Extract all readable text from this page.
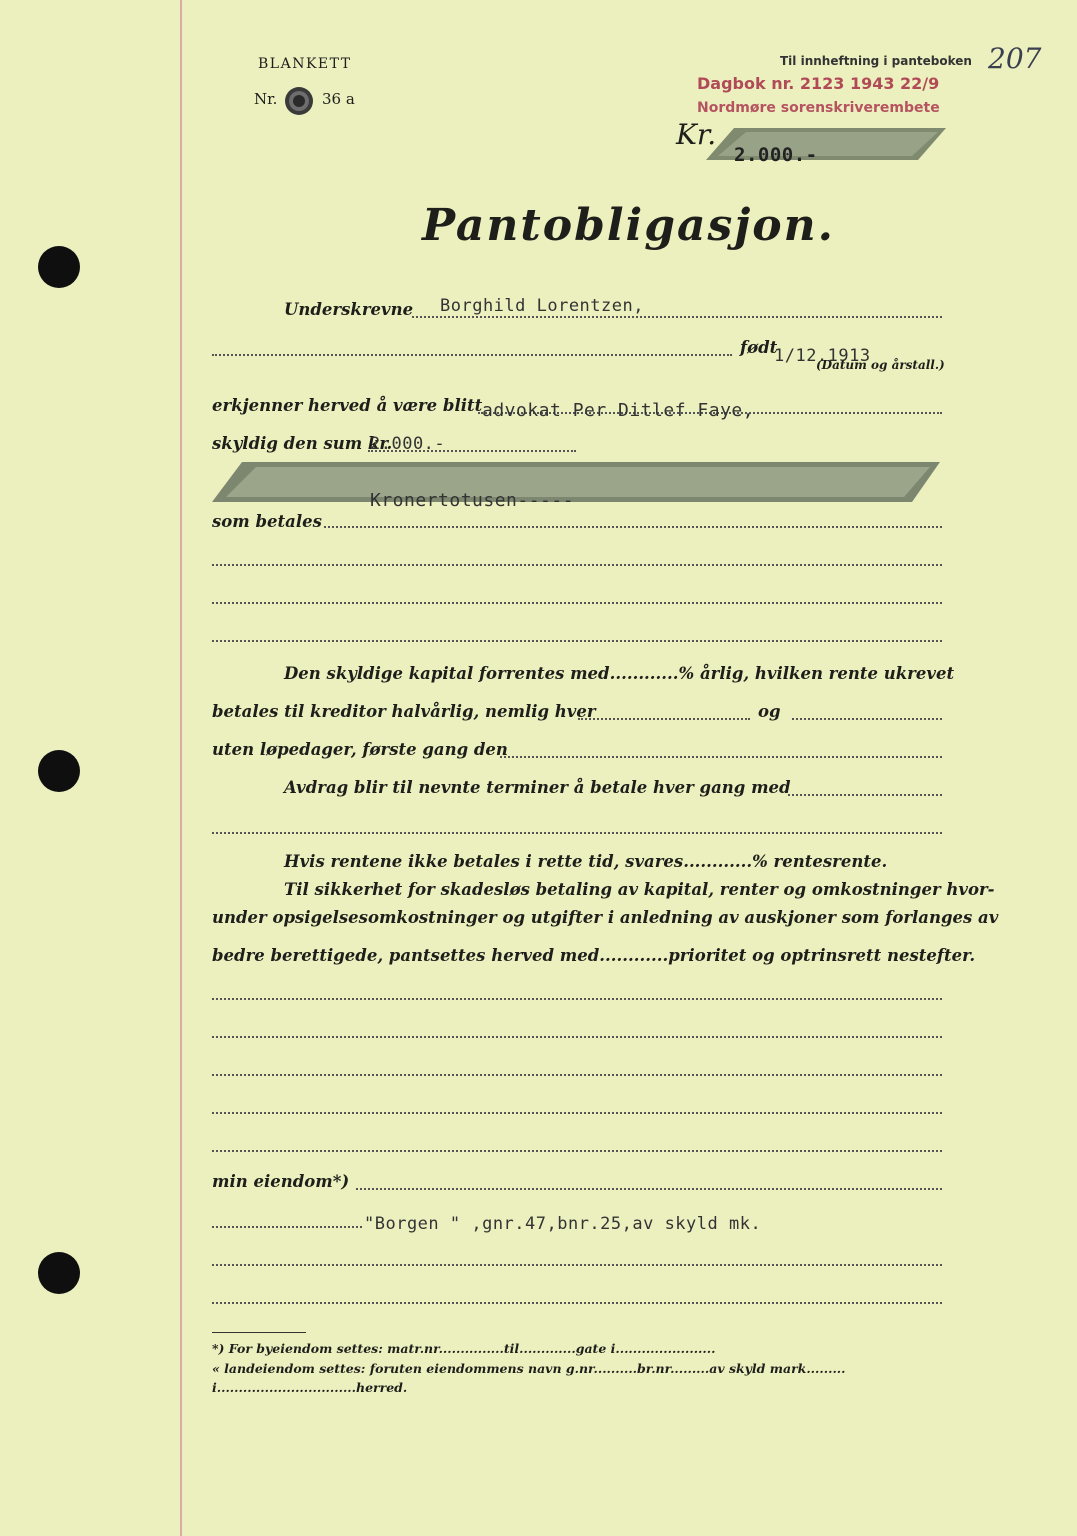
BLANKETT
Nr.	36 a
Til innheftning i panteboken
Dagbok nr. 2123 1943 22/9
Nordmøre sorenskriverembete
207
Kr.
2.000.-
Pantobligasjon.
Underskrevne Borghild Lorentzen,
født
1/12.1913
(Datum og årstall.)
erkjenner herved å være blitt advokat Per Ditlef Faye,
skyldig den sum kr.
2.000.-
Kronertotusen-----
som betales
Den skyldige kapital forrentes med............% årlig, hvilken rente ukrevet
betales til kreditor halvårlig, nemlig hver	og
uten løpedager, første gang den
Avdrag blir til nevnte terminer å betale hver gang med
Hvis rentene ikke betales i rette tid, svares............% rentesrente.
Til sikkerhet for skadesløs betaling av kapital, renter og omkostninger hvor-
under opsigelsesomkostninger og utgifter i anledning av auskjoner som forlanges av
bedre berettigede, pantsettes herved med............prioritet og optrinsrett nestefter.
min eiendom*)
"Borgen " ,gnr.47,bnr.25,av skyld mk.
*) For byeiendom settes: matr.nr...............til.............gate i.......................
« landeiendom settes: foruten eiendommens navn g.nr..........br.nr.........av skyld mark.........
i................................herred.
